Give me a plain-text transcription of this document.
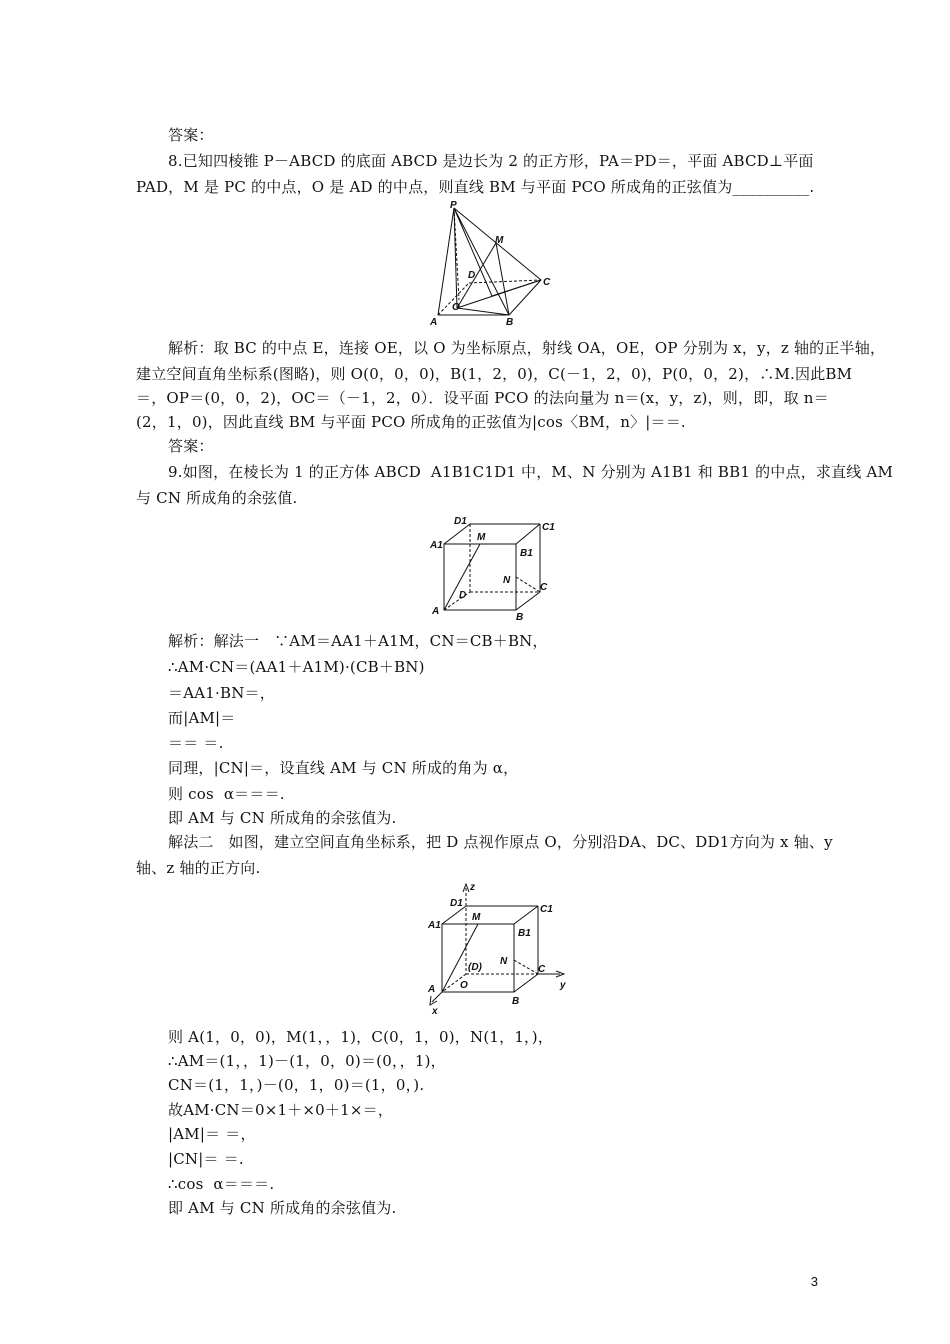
答案：
8.已知四棱锥 P－ABCD 的底面 ABCD 是边长为 2 的正方形，PA＝PD＝，平面 ABCD⊥平面
PAD，M 是 PC 的中点，O 是 AD 的中点，则直线 BM 与平面 PCO 所成角的正弦值为__________.
P
M
D
C
O
A	B
解析：取 BC 的中点 E，连接 OE，以 O 为坐标原点，射线 OA，OE，OP 分别为 x，y，z 轴的正半轴，
建立空间直角坐标系(图略)，则 O(0，0，0)，B(1，2，0)，C(－1，2，0)，P(0，0，2)，∴M.因此BM
＝，OP＝(0，0，2)，OC＝（－1，2，0）．设平面 PCO 的法向量为 n＝(x，y，z)，则，即，取 n＝
(2，1，0)，因此直线 BM 与平面 PCO 所成角的正弦值为|cos〈BM，n〉|＝＝.
答案：
9.如图，在棱长为 1 的正方体 ABCD  A1B1C1D1 中，M、N 分别为 A1B1 和 BB1 的中点，求直线 AM
与 CN 所成角的余弦值.
D1
C1
A1
M
B1
N
C
A
D
B
解析：解法一   ∵AM＝AA1＋A1M，CN＝CB＋BN，
∴AM·CN＝(AA1＋A1M)·(CB＋BN)
＝AA1·BN＝，
而|AM|＝
＝＝ ＝.
同理，|CN|＝，设直线 AM 与 CN 所成的角为 α，
则 cos  α＝＝＝.
即 AM 与 CN 所成角的余弦值为.
解法二   如图，建立空间直角坐标系，把 D 点视作原点 O，分别沿DA、DC、DD1方向为 x 轴、y
轴、z 轴的正方向.
z
D1
C1
A1
M
B1
(D)
N
C
y
A O
B
x
则 A(1，0，0)，M(1，，1)，C(0，1，0)，N(1，1，)，
∴AM＝(1，，1)－(1，0，0)＝(0，，1)，
CN＝(1，1，)－(0，1，0)＝(1，0，).
故AM·CN＝0×1＋×0＋1×＝，
|AM|＝ ＝，
|CN|＝ ＝.
∴cos  α＝＝＝.
即 AM 与 CN 所成角的余弦值为.
3
